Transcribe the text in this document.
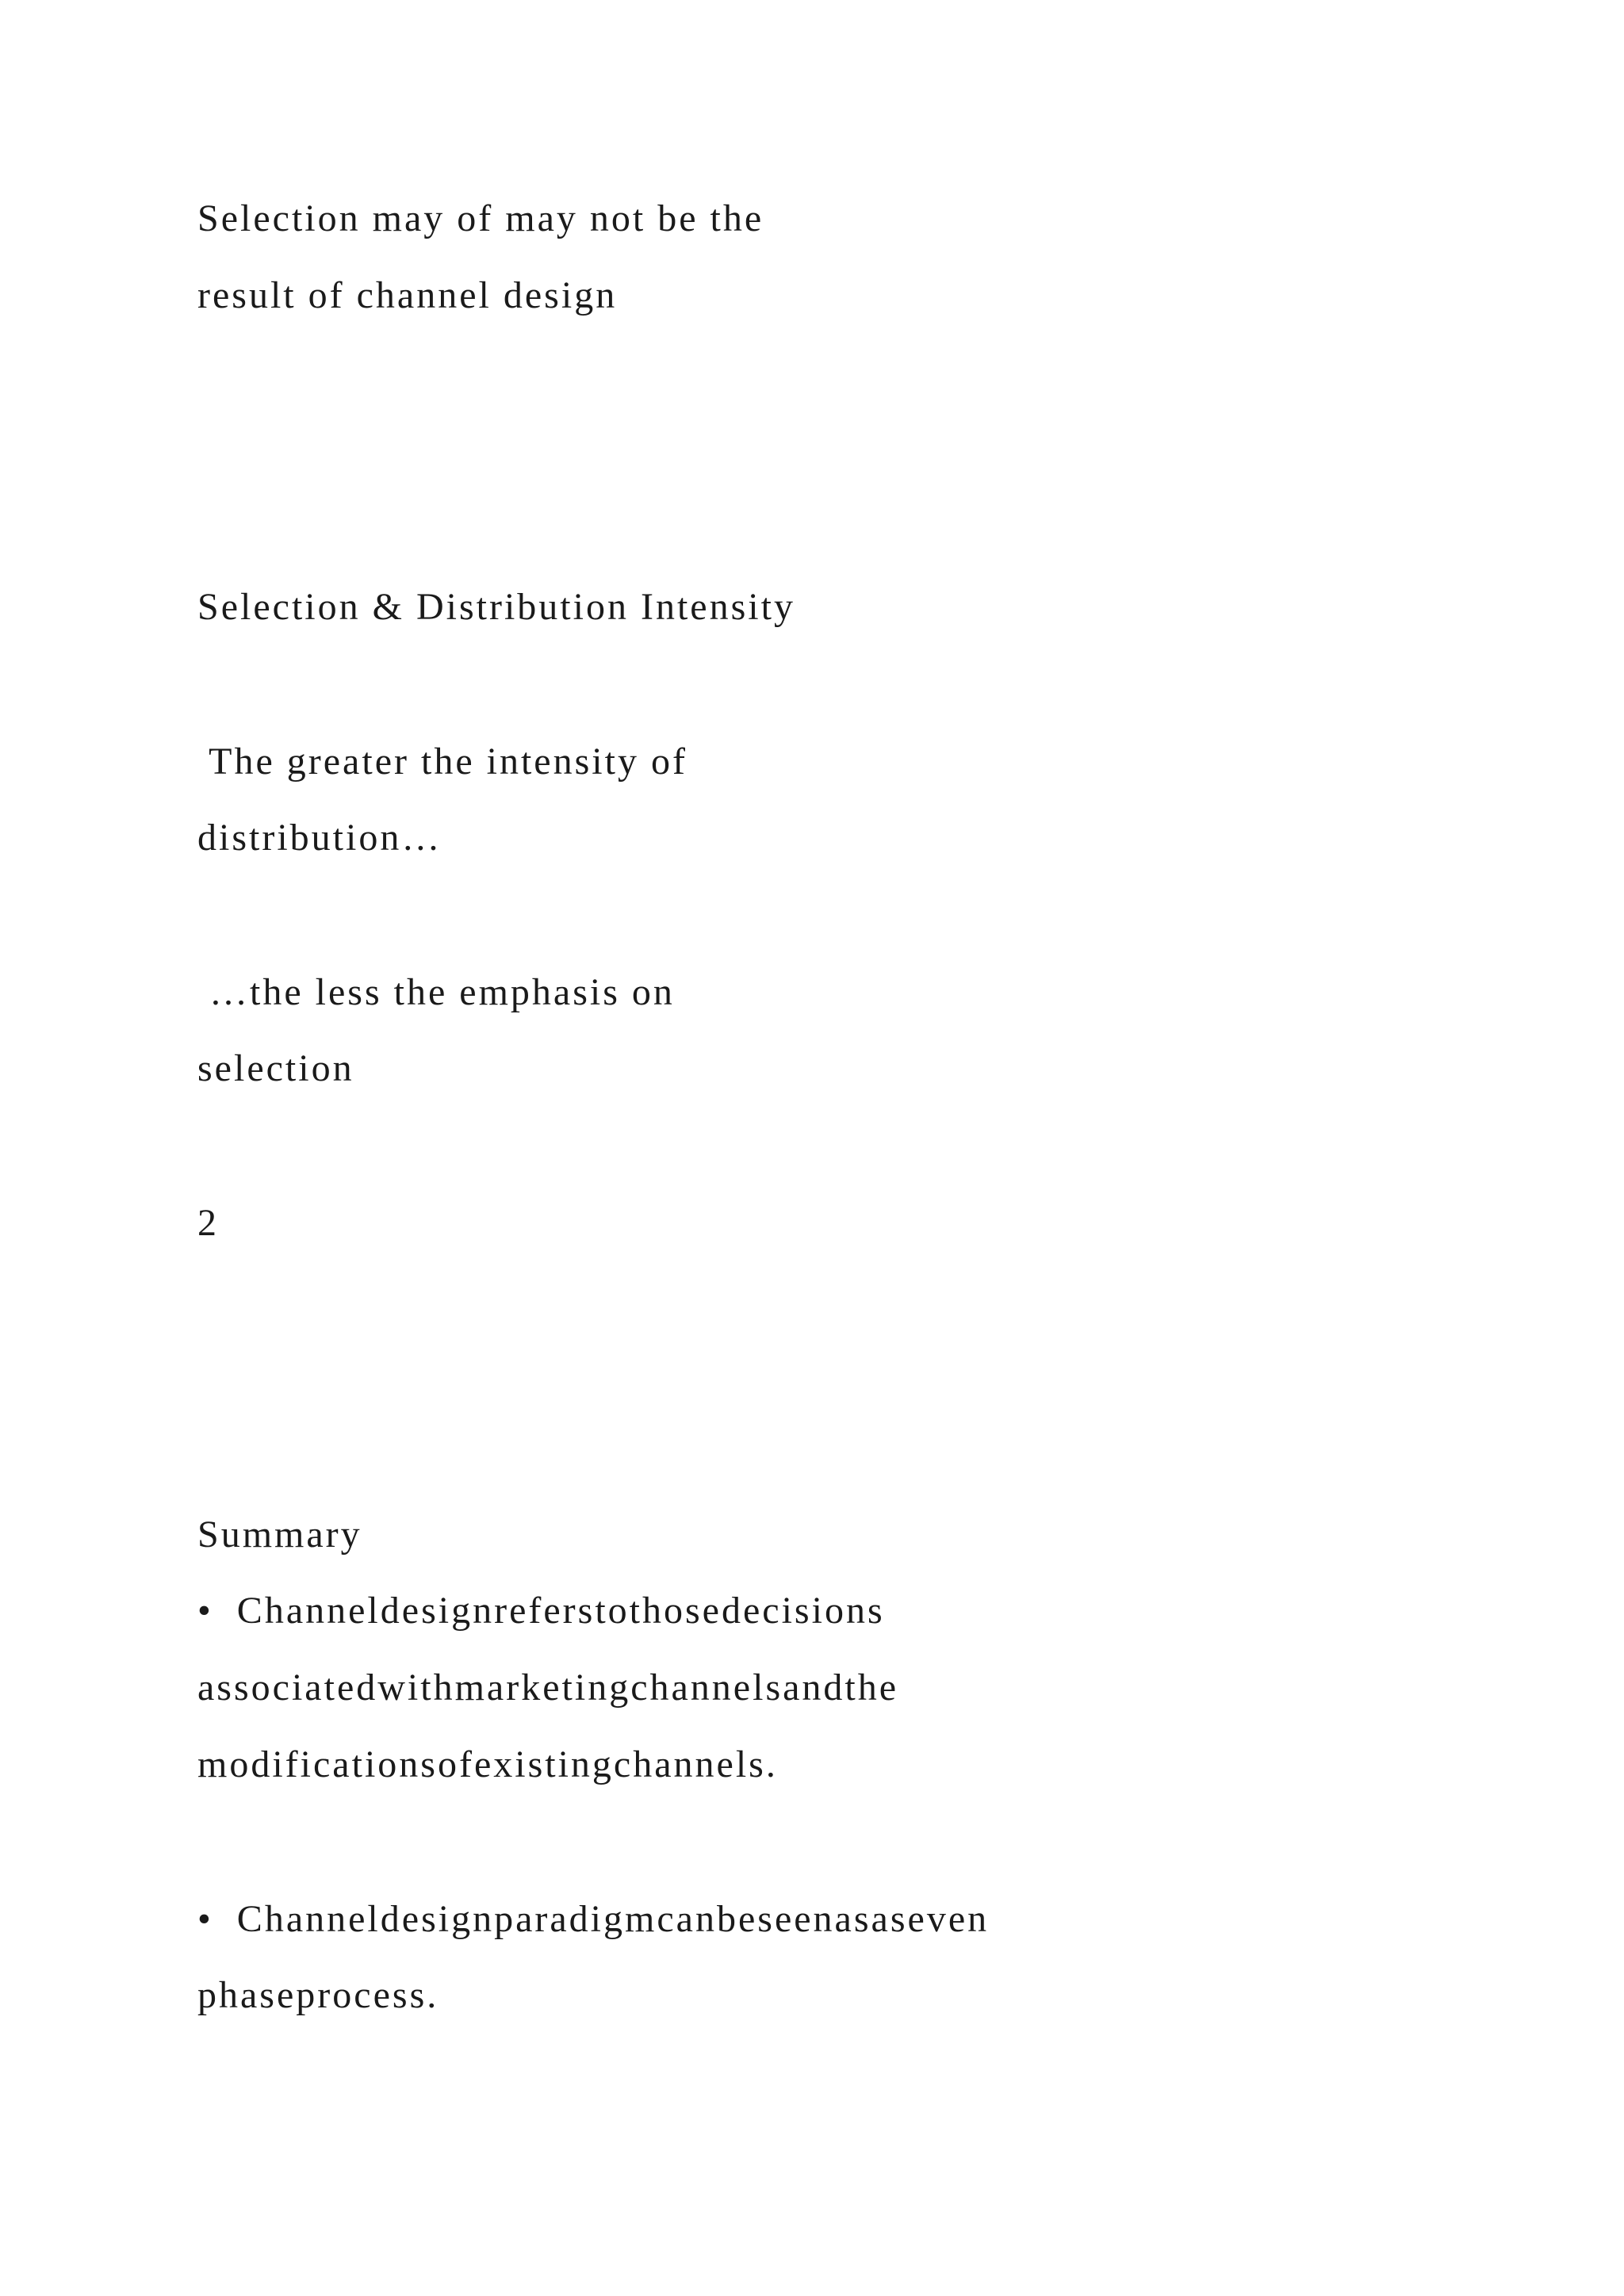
Selection may of may not be the

result of channel design

Selection & Distribution Intensity

The greater the intensity of

distribution…

…the less the emphasis on

selection

2

Summary

•  Channeldesignreferstothosedecisions

associatedwithmarketingchannelsandthe

modificationsofexistingchannels.

•  Channeldesignparadigmcanbeseenasaseven

phaseprocess.
